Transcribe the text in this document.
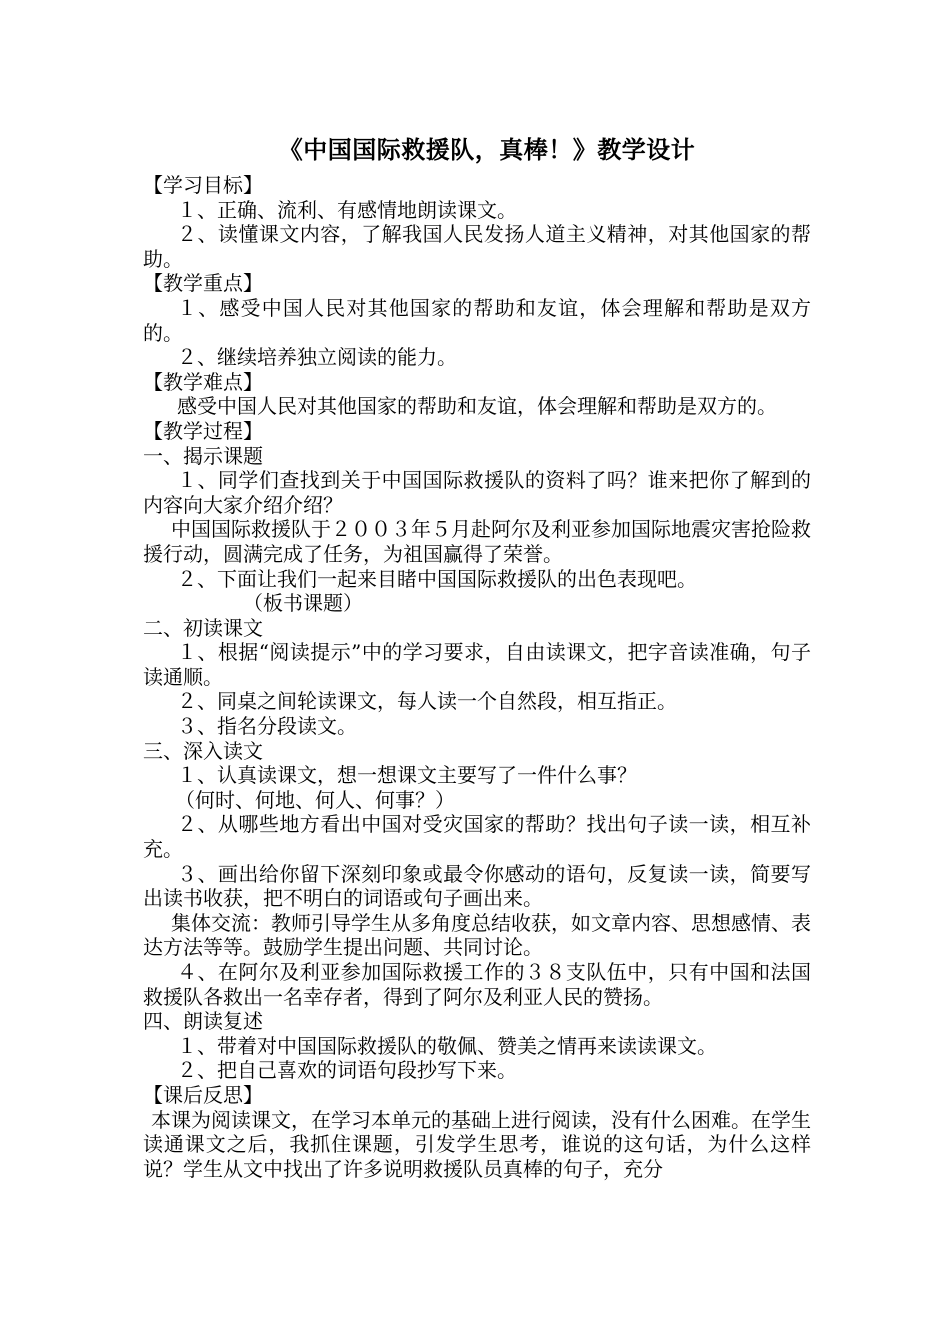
《中国国际救援队，真棒！》教学设计

【学习目标】

１、正确、流利、有感情地朗读课文。

２、读懂课文内容，了解我国人民发扬人道主义精神，对其他国家的帮助。

【教学重点】

１、感受中国人民对其他国家的帮助和友谊，体会理解和帮助是双方的。

２、继续培养独立阅读的能力。

【教学难点】

感受中国人民对其他国家的帮助和友谊，体会理解和帮助是双方的。

【教学过程】

一、揭示课题

１、同学们查找到关于中国国际救援队的资料了吗？谁来把你了解到的内容向大家介绍介绍？

中国国际救援队于２００３年５月赴阿尔及利亚参加国际地震灾害抢险救援行动，圆满完成了任务，为祖国赢得了荣誉。

２、下面让我们一起来目睹中国国际救援队的出色表现吧。

（板书课题）

二、初读课文

１、根据“阅读提示”中的学习要求，自由读课文，把字音读准确，句子读通顺。

２、同桌之间轮读课文，每人读一个自然段，相互指正。

３、指名分段读文。

三、深入读文

１、认真读课文，想一想课文主要写了一件什么事？

（何时、何地、何人、何事？）

２、从哪些地方看出中国对受灾国家的帮助？找出句子读一读，相互补充。

３、画出给你留下深刻印象或最令你感动的语句，反复读一读，简要写出读书收获，把不明白的词语或句子画出来。

集体交流：教师引导学生从多角度总结收获，如文章内容、思想感情、表达方法等等。鼓励学生提出问题、共同讨论。

４、在阿尔及利亚参加国际救援工作的３８支队伍中，只有中国和法国救援队各救出一名幸存者，得到了阿尔及利亚人民的赞扬。

四、朗读复述

１、带着对中国国际救援队的敬佩、赞美之情再来读读课文。

２、把自己喜欢的词语句段抄写下来。

【课后反思】

本课为阅读课文，在学习本单元的基础上进行阅读，没有什么困难。在学生读通课文之后，我抓住课题，引发学生思考，谁说的这句话，为什么这样说？学生从文中找出了许多说明救援队员真棒的句子，充分
